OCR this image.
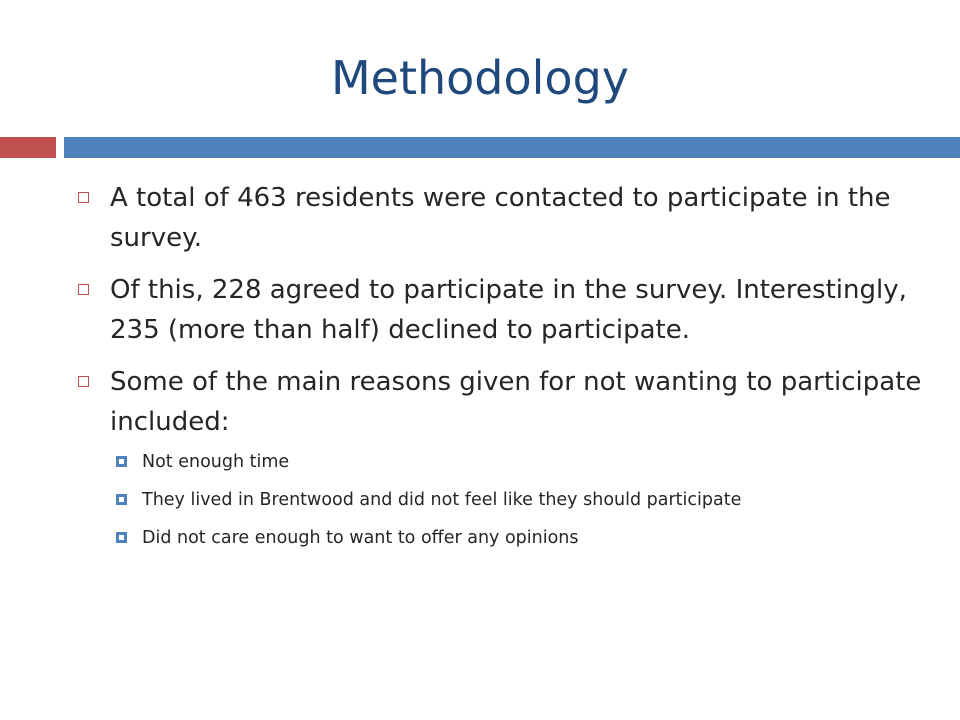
Methodology
A total of 463 residents were contacted to participate in the survey.
Of this, 228 agreed to participate in the survey. Interestingly, 235 (more than half) declined to participate.
Some of the main reasons given for not wanting to participate included:
Not enough time
They lived in Brentwood and did not feel like they should participate
Did not care enough to want to offer any opinions
